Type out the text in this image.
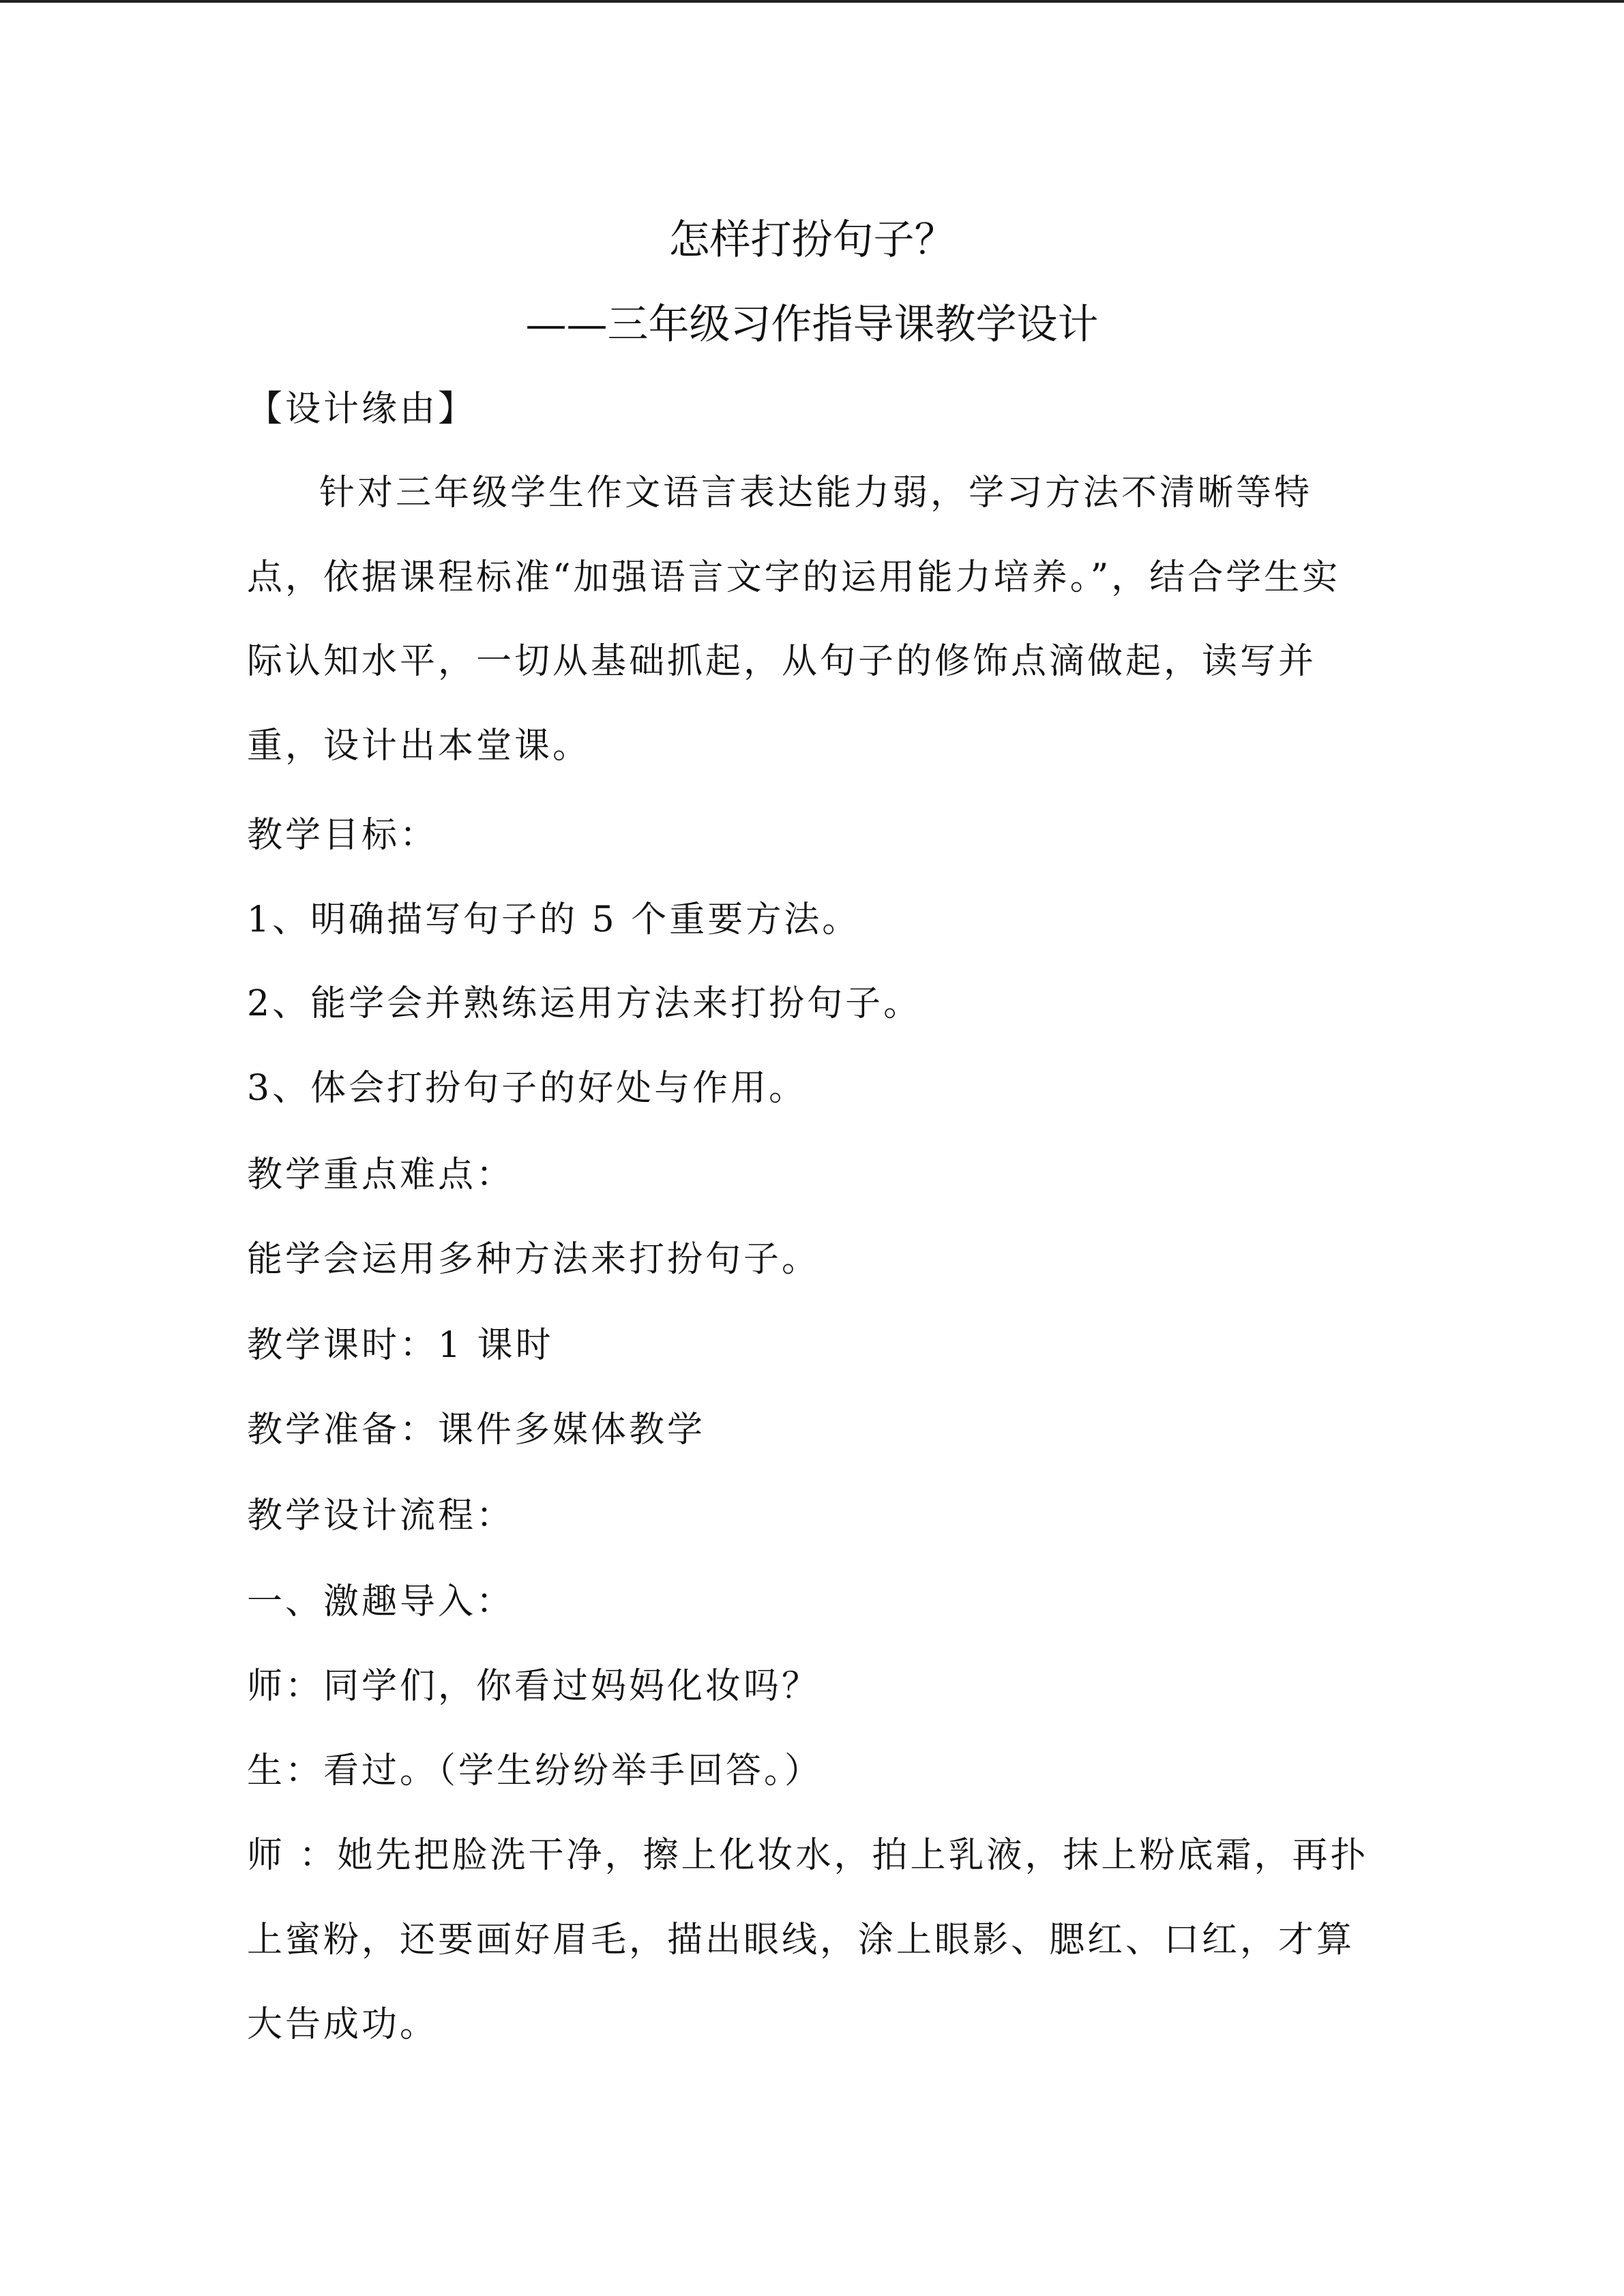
怎样打扮句子？
——三年级习作指导课教学设计
【设计缘由】
针对三年级学生作文语言表达能力弱，学习方法不清晰等特
点，依据课程标准“加强语言文字的运用能力培养。”，结合学生实
际认知水平，一切从基础抓起，从句子的修饰点滴做起，读写并
重，设计出本堂课。
教学目标：
1、明确描写句子的 5 个重要方法。
2、能学会并熟练运用方法来打扮句子。
3、体会打扮句子的好处与作用。
教学重点难点：
能学会运用多种方法来打扮句子。
教学课时：1 课时
教学准备：课件多媒体教学
教学设计流程：
一、激趣导入：
师：同学们，你看过妈妈化妆吗？
生：看过。（学生纷纷举手回答。）
师 ：她先把脸洗干净，擦上化妆水，拍上乳液，抹上粉底霜，再扑
上蜜粉，还要画好眉毛，描出眼线，涂上眼影、腮红、口红，才算
大告成功。
